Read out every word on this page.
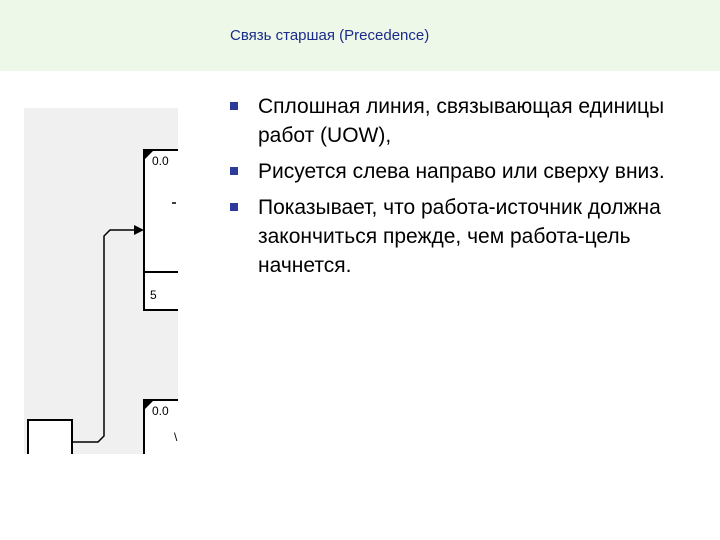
Связь старшая (Precedence)
0.0
5
0.0
\
Сплошная линия, связывающая единицы работ (UOW),
Рисуется слева направо или сверху вниз.
Показывает, что работа-источник должна закончиться прежде, чем работа-цель начнется.
